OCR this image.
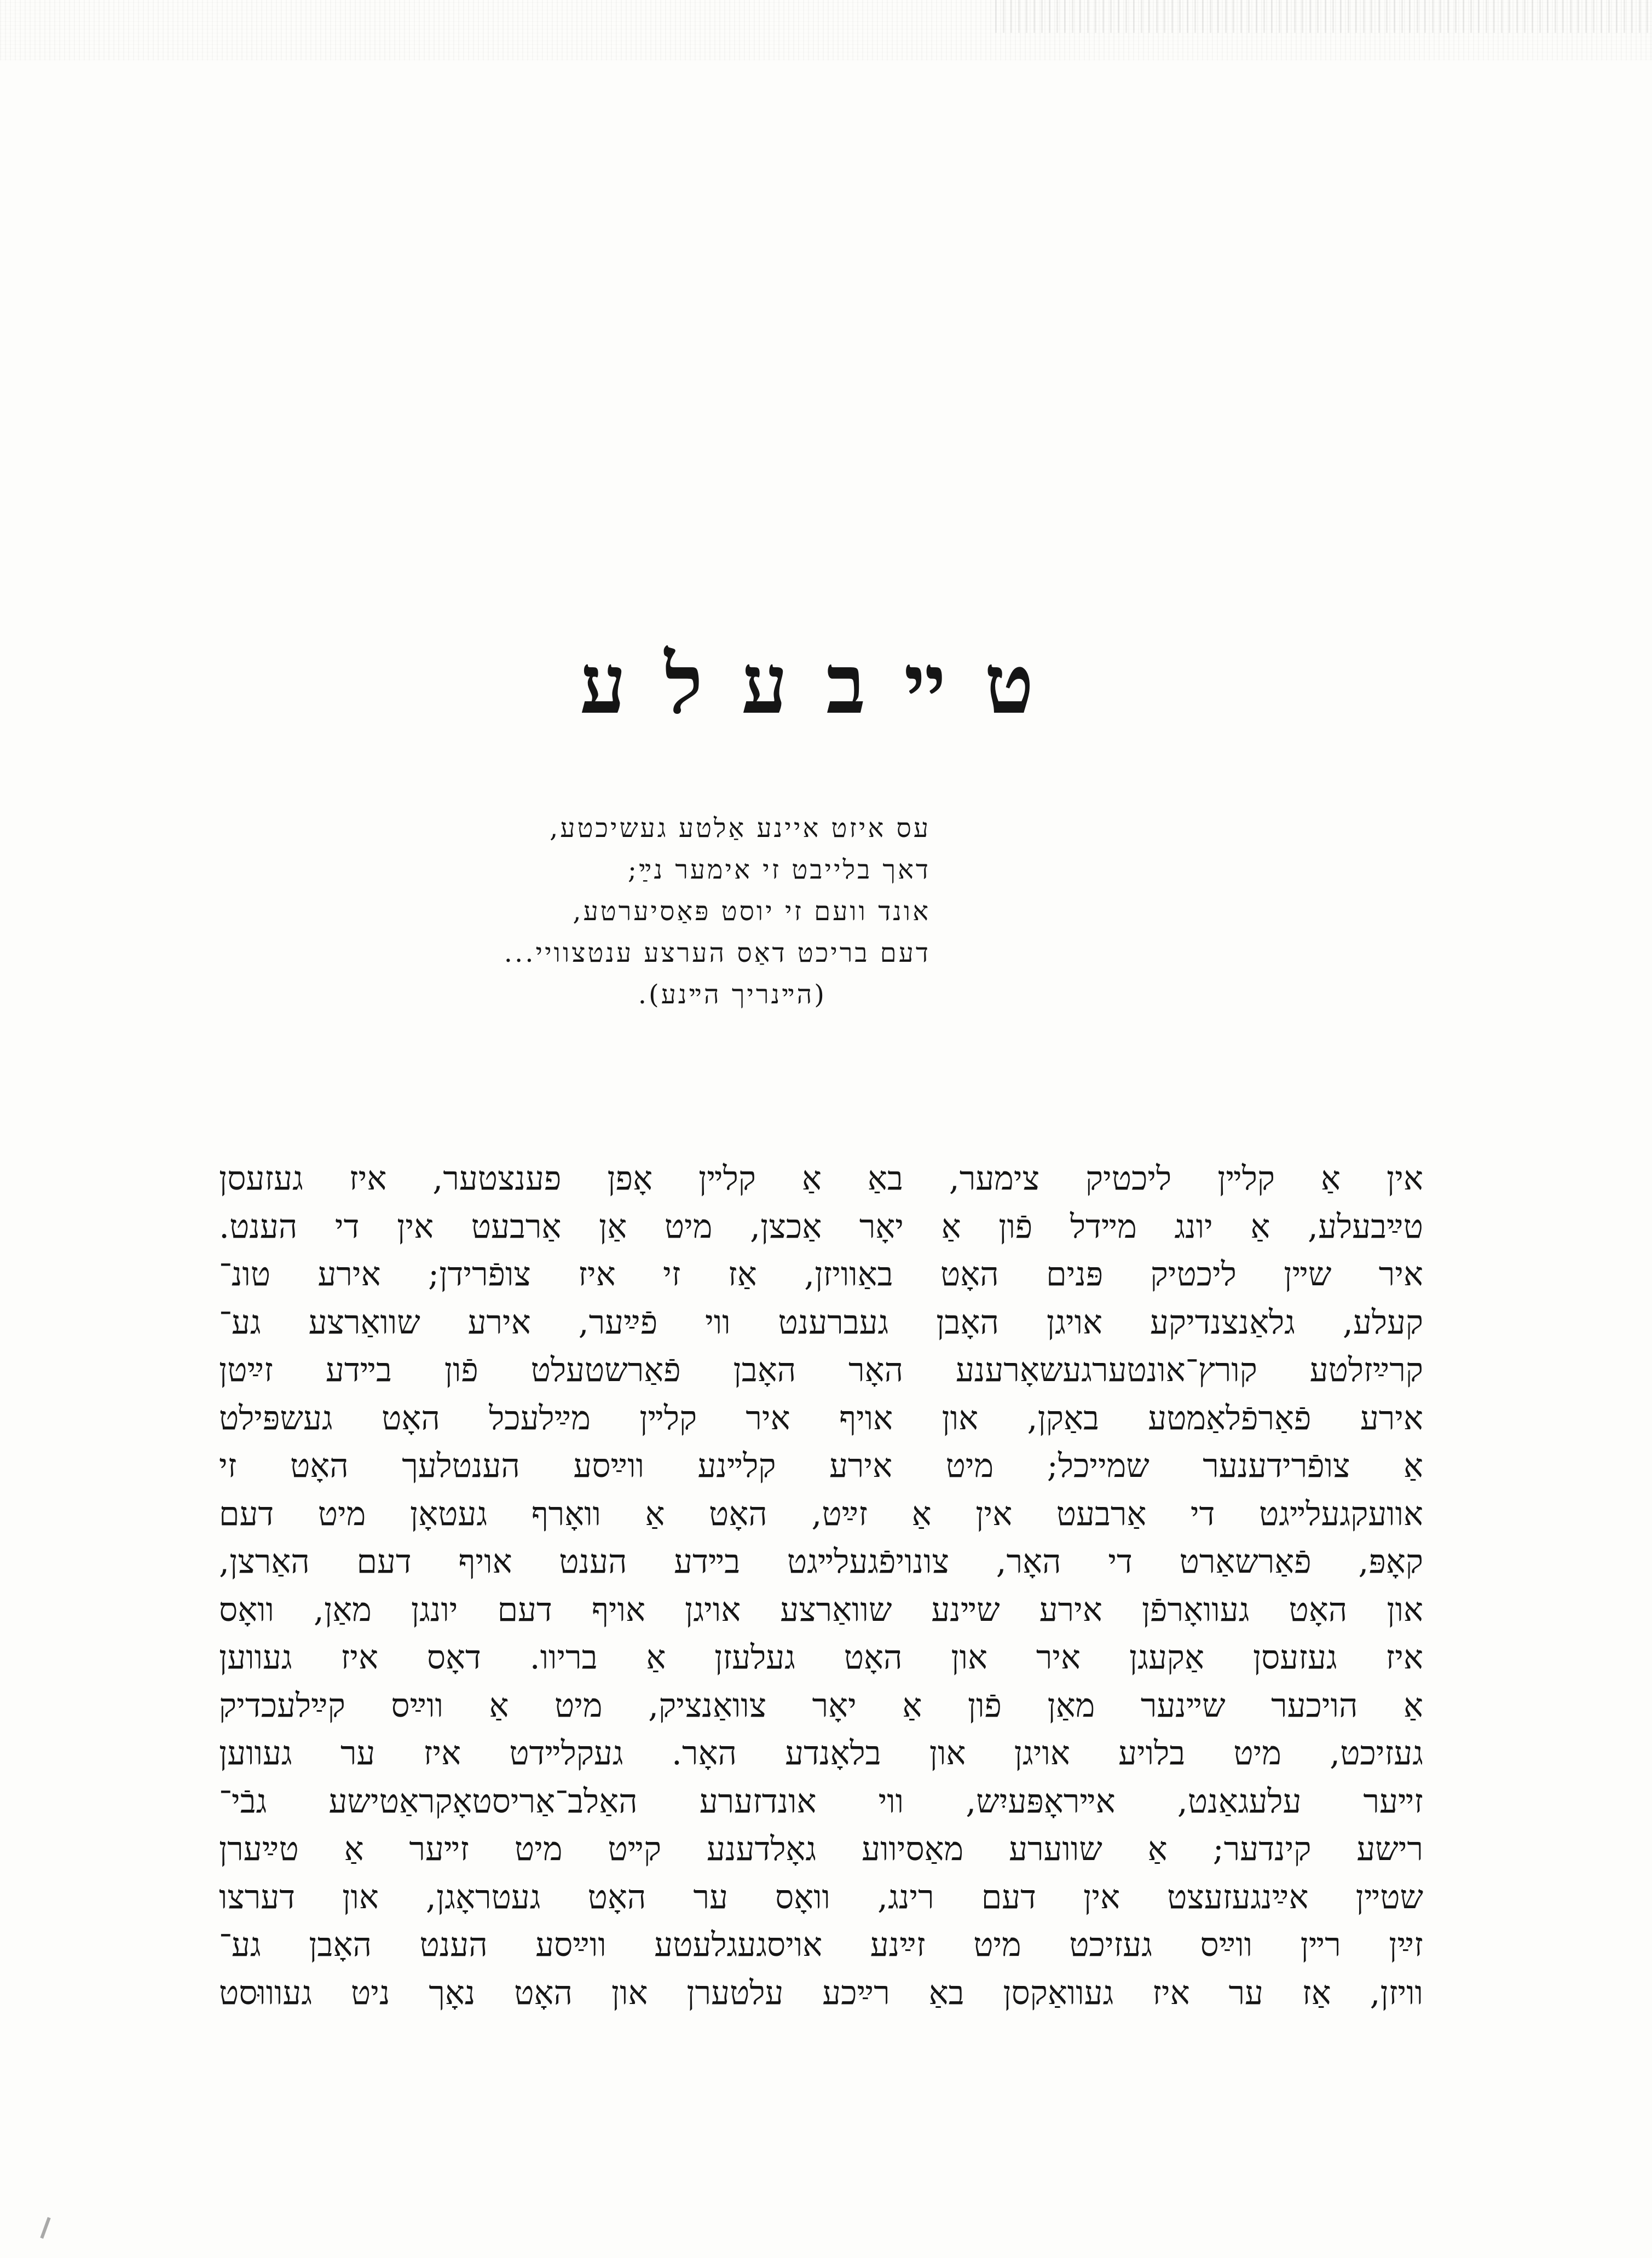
טײבעלע
עס איזט איינע אַלטע געשיכטע,
דאך בלייבט זי אימער נײַ;
אונד וועם זי יוסט פּאַסיערטע,
דעם בריכט דאַס הערצע ענטצוויי...
(הײנריך הײנע).
אין אַ קלײן ליכטיק צימער, באַ אַ קלײן אָפן פענצטער, איז געזעסן
טײַבעלע, אַ יונג מײדל פֿון אַ יאָר אַכצן, מיט אַן אַרבעט אין די הענט.
איר שײן ליכטיק פּנים האָט באַוויזן, אַז זי איז צופֿרידן; אירע טונ־
קעלע, גלאַנצנדיקע אויגן האָבן געברענט ווי פֿײַער, אירע שוואַרצע גע־
קרײַזלטע קורץ־אונטערגעשאָרענע האָר האָבן פֿאַרשטעלט פֿון בײדע זײַטן
אירע פֿאַרפֿלאַמטע באַקן, און אויף איר קלײן מײַלעכל האָט געשפּילט
אַ צופֿרידענער שמייכל; מיט אירע קלײנע ווײַסע הענטלעך האָט זי
אוועקגעלײגט די אַרבעט אין אַ זײַט, האָט אַ וואָרף געטאָן מיט דעם
קאָפּ, פֿאַרשאַרט די האָר, צונויפֿגעלײגט בײדע הענט אויף דעם האַרצן,
און האָט געוואָרפֿן אירע שײנע שוואַרצע אויגן אויף דעם יונגן מאַן, וואָס
איז געזעסן אַקעגן איר און האָט געלעזן אַ בריוו. דאָס איז געווען
אַ הויכער שײנער מאַן פֿון אַ יאָר צוואַנציק, מיט אַ ווײַס קײַלעכדיק
געזיכט, מיט בלויע אויגן און בלאָנדע האָר. געקלײדט איז ער געווען
זײער עלעגאַנט, אײראָפּעיִש, ווי אונדזערע האַלב־אַריסטאָקראַטישע גבֿי־
רישע קינדער; אַ שווערע מאַסיווע גאָלדענע קײט מיט זײער אַ טײַערן
שטײן אײַנגעזעצט אין דעם רינג, וואָס ער האָט געטראָגן, און דערצו
זײַן רײן ווײַס געזיכט מיט זײַנע אויסגעגלעטע ווײַסע הענט האָבן גע־
וויזן, אַז ער איז געוואַקסן באַ רײַכע עלטערן און האָט נאָך ניט געוווּסט
